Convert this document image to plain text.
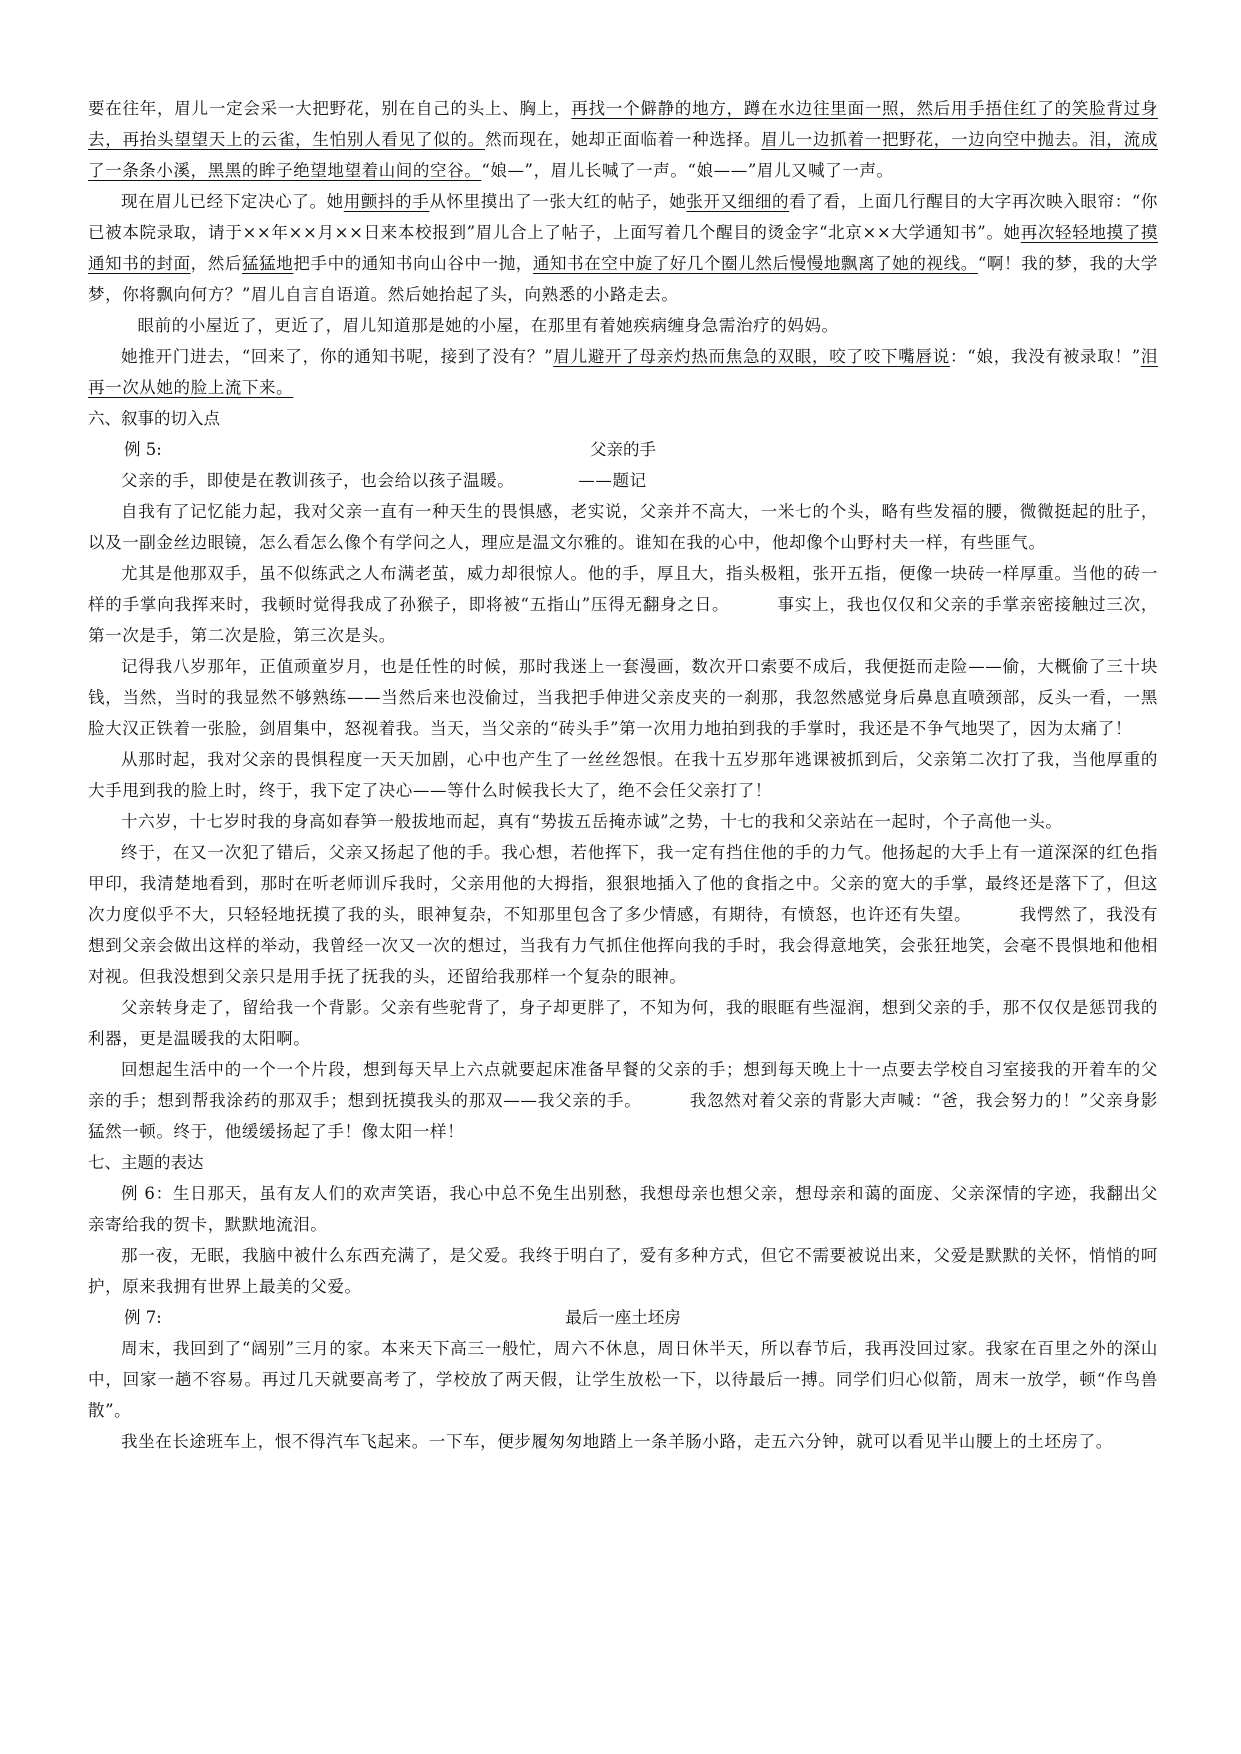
要在往年，眉儿一定会采一大把野花，别在自己的头上、胸上，再找一个僻静的地方，蹲在水边往里面一照，然后用手捂住红了的笑脸背过身去，再抬头望望天上的云雀，生怕别人看见了似的。然而现在，她却正面临着一种选择。眉儿一边抓着一把野花，一边向空中抛去。泪，流成了一条条小溪，黑黑的眸子绝望地望着山间的空谷。“娘—”，眉儿长喊了一声。“娘——”眉儿又喊了一声。

现在眉儿已经下定决心了。她用颤抖的手从怀里摸出了一张大红的帖子，她张开又细细的看了看，上面几行醒目的大字再次映入眼帘：“你已被本院录取，请于××年××月××日来本校报到”眉儿合上了帖子，上面写着几个醒目的烫金字“北京××大学通知书”。她再次轻轻地摸了摸通知书的封面，然后猛猛地把手中的通知书向山谷中一抛，通知书在空中旋了好几个圈儿然后慢慢地飘离了她的视线。“啊！我的梦，我的大学梦，你将飘向何方？”眉儿自言自语道。然后她抬起了头，向熟悉的小路走去。

眼前的小屋近了，更近了，眉儿知道那是她的小屋，在那里有着她疾病缠身急需治疗的妈妈。

她推开门进去，“回来了，你的通知书呢，接到了没有？”眉儿避开了母亲灼热而焦急的双眼，咬了咬下嘴唇说：“娘，我没有被录取！”泪再一次从她的脸上流下来。

六、叙事的切入点

例 5:	父亲的手

父亲的手，即使是在教训孩子，也会给以孩子温暖。	——题记

自我有了记忆能力起，我对父亲一直有一种天生的畏惧感，老实说，父亲并不高大，一米七的个头，略有些发福的腰，微微挺起的肚子，以及一副金丝边眼镜，怎么看怎么像个有学问之人，理应是温文尔雅的。谁知在我的心中，他却像个山野村夫一样，有些匪气。

尤其是他那双手，虽不似练武之人布满老茧，威力却很惊人。他的手，厚且大，指头极粗，张开五指，便像一块砖一样厚重。当他的砖一样的手掌向我挥来时，我顿时觉得我成了孙猴子，即将被“五指山”压得无翻身之日。	事实上，我也仅仅和父亲的手掌亲密接触过三次，第一次是手，第二次是脸，第三次是头。

记得我八岁那年，正值顽童岁月，也是任性的时候，那时我迷上一套漫画，数次开口索要不成后，我便挺而走险——偷，大概偷了三十块钱，当然，当时的我显然不够熟练——当然后来也没偷过，当我把手伸进父亲皮夹的一刹那，我忽然感觉身后鼻息直喷颈部，反头一看，一黑脸大汉正铁着一张脸，剑眉集中，怒视着我。当天，当父亲的“砖头手”第一次用力地拍到我的手掌时，我还是不争气地哭了，因为太痛了！

从那时起，我对父亲的畏惧程度一天天加剧，心中也产生了一丝丝怨恨。在我十五岁那年逃课被抓到后，父亲第二次打了我，当他厚重的大手甩到我的脸上时，终于，我下定了决心——等什么时候我长大了，绝不会任父亲打了！

十六岁，十七岁时我的身高如春笋一般拔地而起，真有“势拔五岳掩赤诚”之势，十七的我和父亲站在一起时，个子高他一头。

终于，在又一次犯了错后，父亲又扬起了他的手。我心想，若他挥下，我一定有挡住他的手的力气。他扬起的大手上有一道深深的红色指甲印，我清楚地看到，那时在听老师训斥我时，父亲用他的大拇指，狠狠地插入了他的食指之中。父亲的宽大的手掌，最终还是落下了，但这次力度似乎不大，只轻轻地抚摸了我的头，眼神复杂，不知那里包含了多少情感，有期待，有愤怒，也许还有失望。	我愕然了，我没有想到父亲会做出这样的举动，我曾经一次又一次的想过，当我有力气抓住他挥向我的手时，我会得意地笑，会张狂地笑，会毫不畏惧地和他相对视。但我没想到父亲只是用手抚了抚我的头，还留给我那样一个复杂的眼神。

父亲转身走了，留给我一个背影。父亲有些驼背了，身子却更胖了，不知为何，我的眼眶有些湿润，想到父亲的手，那不仅仅是惩罚我的利器，更是温暖我的太阳啊。

回想起生活中的一个一个片段，想到每天早上六点就要起床准备早餐的父亲的手；想到每天晚上十一点要去学校自习室接我的开着车的父亲的手；想到帮我涂药的那双手；想到抚摸我头的那双——我父亲的手。	我忽然对着父亲的背影大声喊：“爸，我会努力的！”父亲身影猛然一顿。终于，他缓缓扬起了手！像太阳一样！

七、主题的表达

例 6：生日那天，虽有友人们的欢声笑语，我心中总不免生出别愁，我想母亲也想父亲，想母亲和蔼的面庞、父亲深情的字迹，我翻出父亲寄给我的贺卡，默默地流泪。

那一夜，无眠，我脑中被什么东西充满了，是父爱。我终于明白了，爱有多种方式，但它不需要被说出来，父爱是默默的关怀，悄悄的呵护，原来我拥有世界上最美的父爱。

例 7:	最后一座土坯房

周末，我回到了“阔别”三月的家。本来天下高三一般忙，周六不休息，周日休半天，所以春节后，我再没回过家。我家在百里之外的深山中，回家一趟不容易。再过几天就要高考了，学校放了两天假，让学生放松一下，以待最后一搏。同学们归心似箭，周末一放学，顿“作鸟兽散”。

我坐在长途班车上，恨不得汽车飞起来。一下车，便步履匆匆地踏上一条羊肠小路，走五六分钟，就可以看见半山腰上的土坯房了。
